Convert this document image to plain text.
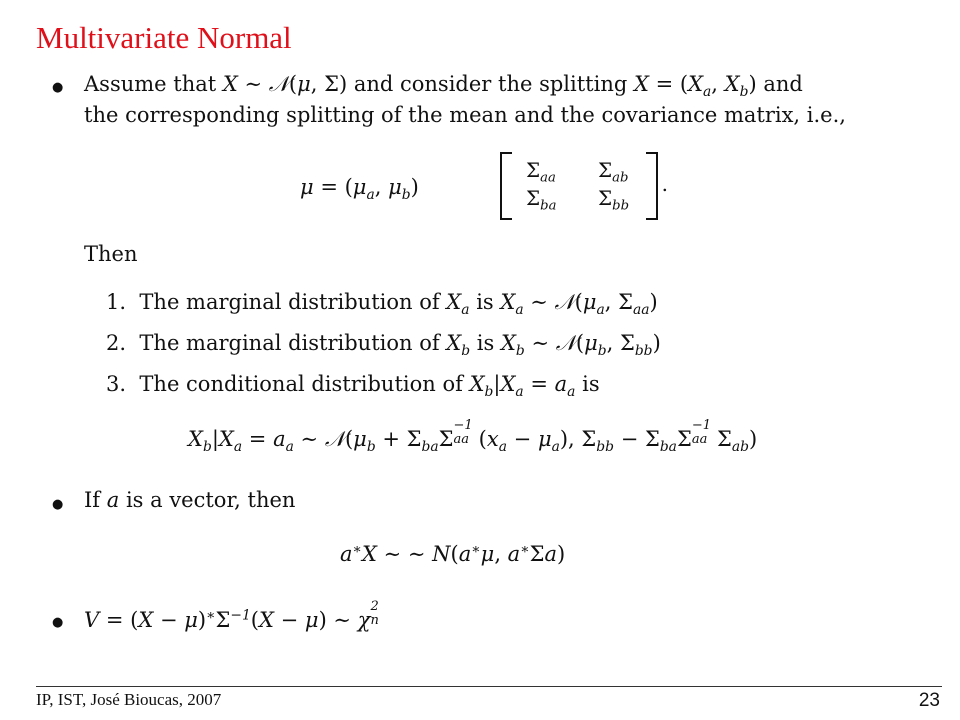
Multivariate Normal
● Assume that X ∼ 𝒩(μ, Σ) and consider the splitting $X = (X_a$, $X_b$) and
the corresponding splitting of the mean and the covariance matrix, i.e.,
$\mu = (\mu_a$, $\mu_b$)
$\Sigma_{aa}$ $\Sigma_{ab}$
$\Sigma_{ba}$ $\Sigma_{bb}$
.
Then
1. The marginal distribution of $X_a$ is $X_a$ ∼ $𝒩(\mu_a$, $\Sigma_{aa}$)
2. The marginal distribution of $X_b$ is $X_b$ ∼ $𝒩(\mu_b$, $\Sigma_{bb}$)
3. The conditional distribution of $X_b|X_a = a_a$ is
$X_b|X_a = a_a$ ∼ $𝒩(\mu_b + \Sigma_{ba}\Sigma$
−1
aa $(x_a - \mu_a)$, $\Sigma_{bb} - \Sigma_{ba}\Sigma$
−1
aa $\Sigma_{ab}$)
● If a is a vector, then
a∗X ∼ ∼ N(a∗μ, a∗Σa)
● $V = (X - \mu)^∗\Sigma^{-1}(X - \mu)$ ∼ χ
2
n
IP, IST, José Bioucas, 2007	23
